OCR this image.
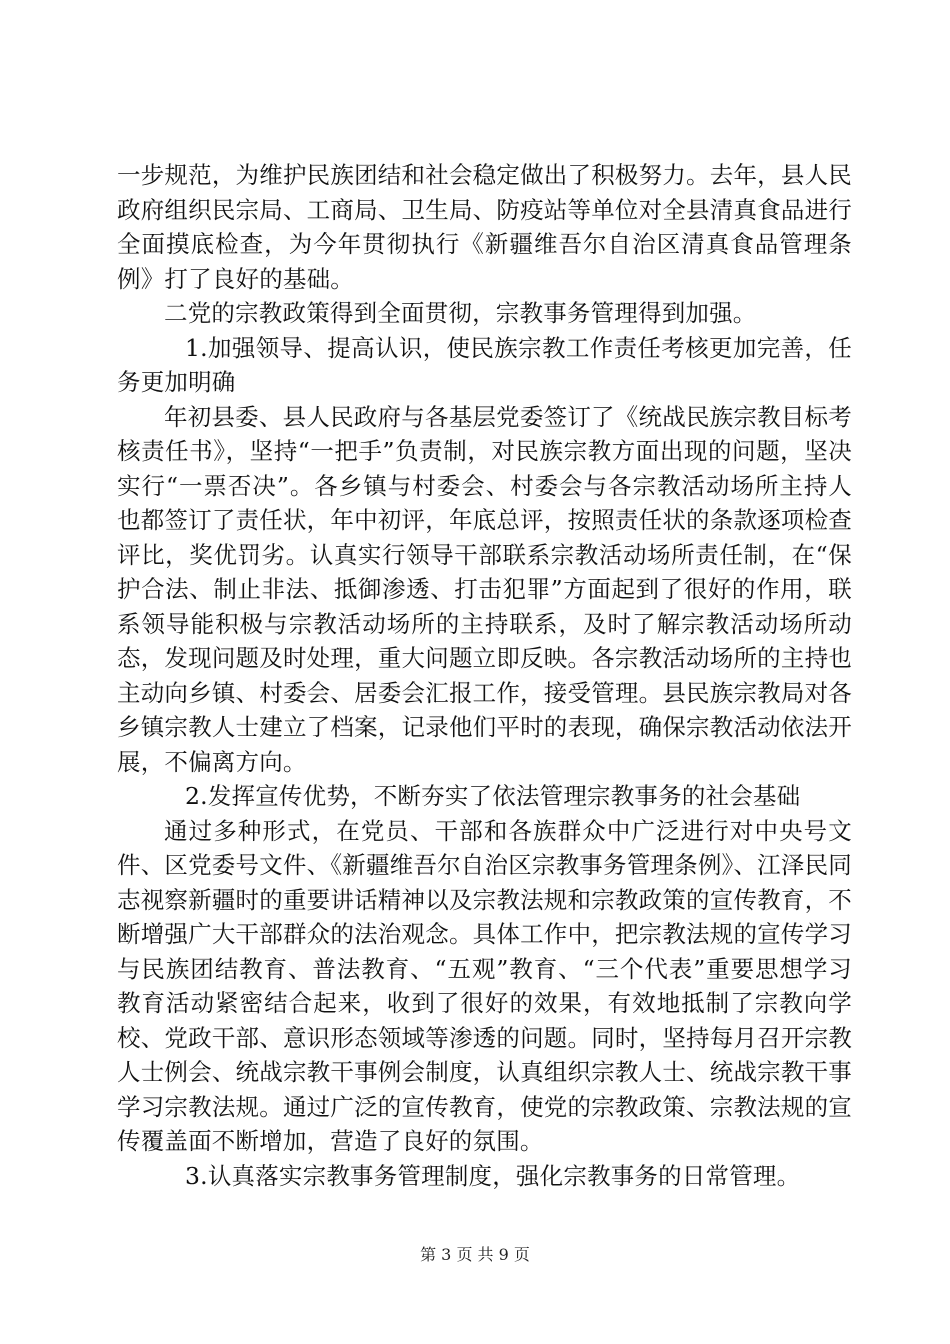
一步规范，为维护民族团结和社会稳定做出了积极努力。去年，县人民政府组织民宗局、工商局、卫生局、防疫站等单位对全县清真食品进行全面摸底检查，为今年贯彻执行《新疆维吾尔自治区清真食品管理条例》打了良好的基础。

二党的宗教政策得到全面贯彻，宗教事务管理得到加强。

1.加强领导、提高认识，使民族宗教工作责任考核更加完善，任务更加明确

年初县委、县人民政府与各基层党委签订了《统战民族宗教目标考核责任书》，坚持“一把手”负责制，对民族宗教方面出现的问题，坚决实行“一票否决”。各乡镇与村委会、村委会与各宗教活动场所主持人也都签订了责任状，年中初评，年底总评，按照责任状的条款逐项检查评比，奖优罚劣。认真实行领导干部联系宗教活动场所责任制，在“保护合法、制止非法、抵御渗透、打击犯罪”方面起到了很好的作用，联系领导能积极与宗教活动场所的主持联系，及时了解宗教活动场所动态，发现问题及时处理，重大问题立即反映。各宗教活动场所的主持也主动向乡镇、村委会、居委会汇报工作，接受管理。县民族宗教局对各乡镇宗教人士建立了档案，记录他们平时的表现，确保宗教活动依法开展，不偏离方向。

2.发挥宣传优势，不断夯实了依法管理宗教事务的社会基础

通过多种形式，在党员、干部和各族群众中广泛进行对中央号文件、区党委号文件、《新疆维吾尔自治区宗教事务管理条例》、江泽民同志视察新疆时的重要讲话精神以及宗教法规和宗教政策的宣传教育，不断增强广大干部群众的法治观念。具体工作中，把宗教法规的宣传学习与民族团结教育、普法教育、“五观”教育、“三个代表”重要思想学习教育活动紧密结合起来，收到了很好的效果，有效地抵制了宗教向学校、党政干部、意识形态领域等渗透的问题。同时，坚持每月召开宗教人士例会、统战宗教干事例会制度，认真组织宗教人士、统战宗教干事学习宗教法规。通过广泛的宣传教育，使党的宗教政策、宗教法规的宣传覆盖面不断增加，营造了良好的氛围。

3.认真落实宗教事务管理制度，强化宗教事务的日常管理。

第 3 页 共 9 页
